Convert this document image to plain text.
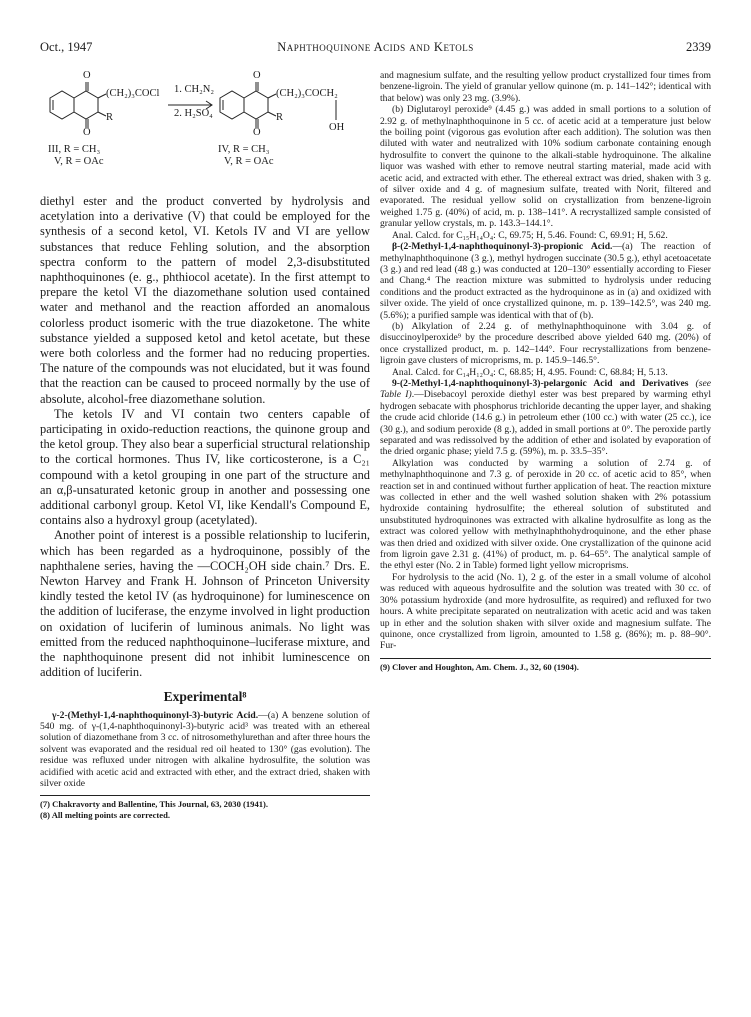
Oct., 1947	Naphthoquinone Acids and Ketols	2339
O
O
(CH₂)₃COCl
R
1. CH₂N₂
2. H₂SO₄
O
O
(CH₂)₃COCH₂
R
OH
III, R = CH₃
V, R = OAc
IV, R = CH₃
V, R = OAc

diethyl ester and the product converted by hydrolysis and acetylation into a derivative (V) that could be employed for the synthesis of a second ketol, VI. Ketols IV and VI are yellow substances that reduce Fehling solution, and the absorption spectra conform to the pattern of model 2,3-disubstituted naphthoquinones (e. g., phthiocol acetate). In the first attempt to prepare the ketol VI the diazomethane solution used contained water and methanol and the reaction afforded an anomalous colorless product isomeric with the true diazoketone. The white substance yielded a supposed ketol and ketol acetate, but these were both colorless and the former had no reducing properties. The nature of the compounds was not elucidated, but it was found that the reaction can be caused to proceed normally by the use of absolute, alcohol-free diazomethane solution.

The ketols IV and VI contain two centers capable of participating in oxido-reduction reactions, the quinone group and the ketol group. They also bear a superficial structural relationship to the cortical hormones. Thus IV, like corticosterone, is a C₂₁ compound with a ketol grouping in one part of the structure and an α,β-unsaturated ketonic group in another and possessing one additional carbonyl group. Ketol VI, like Kendall's Compound E, contains also a hydroxyl group (acetylated).

Another point of interest is a possible relationship to luciferin, which has been regarded as a hydroquinone, possibly of the naphthalene series, having the —COCH₂OH side chain.⁷ Drs. E. Newton Harvey and Frank H. Johnson of Princeton University kindly tested the ketol IV (as hydroquinone) for luminescence on the addition of luciferase, the enzyme involved in light production on oxidation of luciferin of luminous animals. No light was emitted from the reduced naphthoquinone–luciferase mixture, and the naphthoquinone present did not inhibit luminescence on addition of luciferin.

Experimental⁸

γ-2-(Methyl-1,4-naphthoquinonyl-3)-butyric Acid.—(a) A benzene solution of 540 mg. of γ-(1,4-naphthoquinonyl-3)-butyric acid³ was treated with an ethereal solution of diazomethane from 3 cc. of nitrosomethylurethan and after three hours the solvent was evaporated and the residual red oil heated to 130° (gas evolution). The residue was refluxed under nitrogen with alkaline hydrosulfite, the solution was acidified with acetic acid and extracted with ether, and the extract dried, shaken with silver oxide

(7) Chakravorty and Ballentine, This Journal, 63, 2030 (1941).

(8) All melting points are corrected.

and magnesium sulfate, and the resulting yellow product crystallized four times from benzene-ligroin. The yield of granular yellow quinone (m. p. 141–142°; identical with that below) was only 23 mg. (3.9%).

(b) Diglutaroyl peroxide⁹ (4.45 g.) was added in small portions to a solution of 2.92 g. of methylnaphthoquinone in 5 cc. of acetic acid at a temperature just below the boiling point (vigorous gas evolution after each addition). The solution was then diluted with water and neutralized with 10% sodium carbonate containing enough hydrosulfite to convert the quinone to the alkali-stable hydroquinone. The alkaline liquor was washed with ether to remove neutral starting material, made acid with acetic acid, and extracted with ether. The ethereal extract was dried, shaken with 3 g. of silver oxide and 4 g. of magnesium sulfate, treated with Norit, filtered and evaporated. The residual yellow solid on crystallization from benzene-ligroin weighed 1.75 g. (40%) of acid, m. p. 138–141°. A recrystallized sample consisted of granular yellow crystals, m. p. 143.3–144.1°.

Anal. Calcd. for C₁₅H₁₄O₄: C, 69.75; H, 5.46. Found: C, 69.91; H, 5.62.

β-(2-Methyl-1,4-naphthoquinonyl-3)-propionic Acid.—(a) The reaction of methylnaphthoquinone (3 g.), methyl hydrogen succinate (30.5 g.), ethyl acetoacetate (3 g.) and red lead (48 g.) was conducted at 120–130° essentially according to Fieser and Chang.⁴ The reaction mixture was submitted to hydrolysis under reducing conditions and the product extracted as the hydroquinone as in (a) and oxidized with silver oxide. The yield of once crystallized quinone, m. p. 139–142.5°, was 240 mg. (5.6%); a purified sample was identical with that of (b).

(b) Alkylation of 2.24 g. of methylnaphthoquinone with 3.04 g. of disuccinoylperoxide⁹ by the procedure described above yielded 640 mg. (20%) of once crystallized product, m. p. 142–144°. Four recrystallizations from benzene-ligroin gave clusters of microprisms, m. p. 145.9–146.5°.

Anal. Calcd. for C₁₄H₁₂O₄: C, 68.85; H, 4.95. Found: C, 68.84; H, 5.13.

9-(2-Methyl-1,4-naphthoquinonyl-3)-pelargonic Acid and Derivatives (see Table I).—Disebacoyl peroxide diethyl ester was best prepared by warming ethyl hydrogen sebacate with phosphorus trichloride decanting the upper layer, and shaking the crude acid chloride (14.6 g.) in petroleum ether (100 cc.) with water (25 cc.), ice (30 g.), and sodium peroxide (8 g.), added in small portions at 0°. The peroxide partly separated and was redissolved by the addition of ether and isolated by evaporation of the dried organic phase; yield 7.5 g. (59%), m. p. 33.5–35°.

Alkylation was conducted by warming a solution of 2.74 g. of methylnaphthoquinone and 7.3 g. of peroxide in 20 cc. of acetic acid to 85°, when reaction set in and continued without further application of heat. The reaction mixture was collected in ether and the well washed solution shaken with 2% potassium hydroxide containing hydrosulfite; the ethereal solution of substituted and unsubstituted hydroquinones was extracted with alkaline hydrosulfite as long as the extract was colored yellow with methylnaphthohydroquinone, and the ether phase was then dried and oxidized with silver oxide. One crystallization of the quinone acid from ligroin gave 2.31 g. (41%) of product, m. p. 64–65°. The analytical sample of the ethyl ester (No. 2 in Table) formed light yellow microprisms.

For hydrolysis to the acid (No. 1), 2 g. of the ester in a small volume of alcohol was reduced with aqueous hydrosulfite and the solution was treated with 30 cc. of 30% potassium hydroxide (and more hydrosulfite, as required) and refluxed for two hours. A white precipitate separated on neutralization with acetic acid and was taken up in ether and the solution shaken with silver oxide and magnesium sulfate. The quinone, once crystallized from ligroin, amounted to 1.58 g. (86%); m. p. 88–90°. Fur-

(9) Clover and Houghton, Am. Chem. J., 32, 60 (1904).
